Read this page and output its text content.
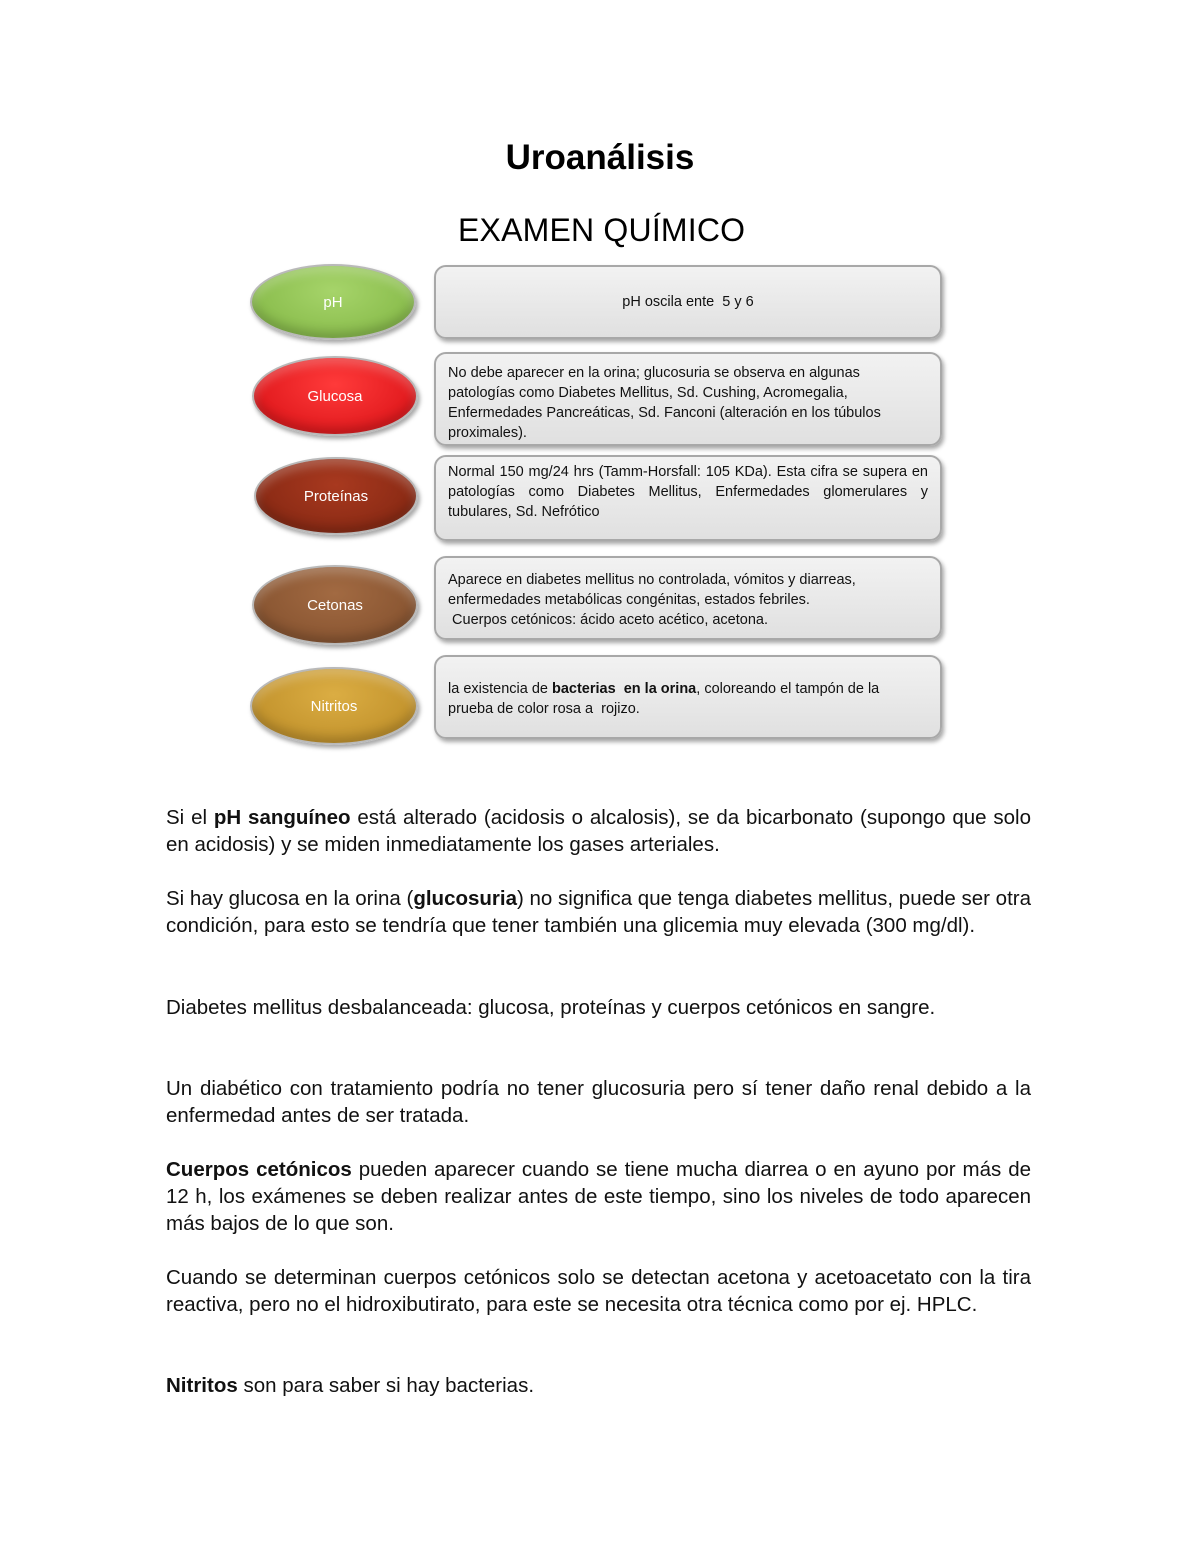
Uroanálisis
EXAMEN QUÍMICO
pH	pH oscila ente  5 y 6
Glucosa
No debe aparecer en la orina; glucosuria se observa en algunas patologías como Diabetes Mellitus, Sd. Cushing, Acromegalia, Enfermedades Pancreáticas, Sd. Fanconi (alteración en los túbulos proximales).
Proteínas
Normal 150 mg/24 hrs (Tamm-Horsfall: 105 KDa). Esta cifra se supera en patologías como Diabetes Mellitus, Enfermedades glomerulares y tubulares, Sd. Nefrótico
Cetonas
Aparece en diabetes mellitus no controlada, vómitos y diarreas,
enfermedades metabólicas congénitas, estados febriles.
Cuerpos cetónicos: ácido aceto acético, acetona.
Nitritos
la existencia de bacterias  en la orina, coloreando el tampón de la prueba de color rosa a  rojizo.
Si el pH sanguíneo está alterado (acidosis o alcalosis), se da bicarbonato (supongo que solo en acidosis) y se miden inmediatamente los gases arteriales.
Si hay glucosa en la orina (glucosuria) no significa que tenga diabetes mellitus, puede ser otra condición, para esto se tendría que tener también una glicemia muy elevada (300 mg/dl).
Diabetes mellitus desbalanceada: glucosa, proteínas y cuerpos cetónicos en sangre.
Un diabético con tratamiento podría no tener glucosuria pero sí tener daño renal debido a la enfermedad antes de ser tratada.
Cuerpos cetónicos pueden aparecer cuando se tiene mucha diarrea o en ayuno por más de 12 h, los exámenes se deben realizar antes de este tiempo, sino los niveles de todo aparecen más bajos de lo que son.
Cuando se determinan cuerpos cetónicos solo se detectan acetona y acetoacetato con la tira reactiva, pero no el hidroxibutirato, para este se necesita otra técnica como por ej. HPLC.
Nitritos son para saber si hay bacterias.
